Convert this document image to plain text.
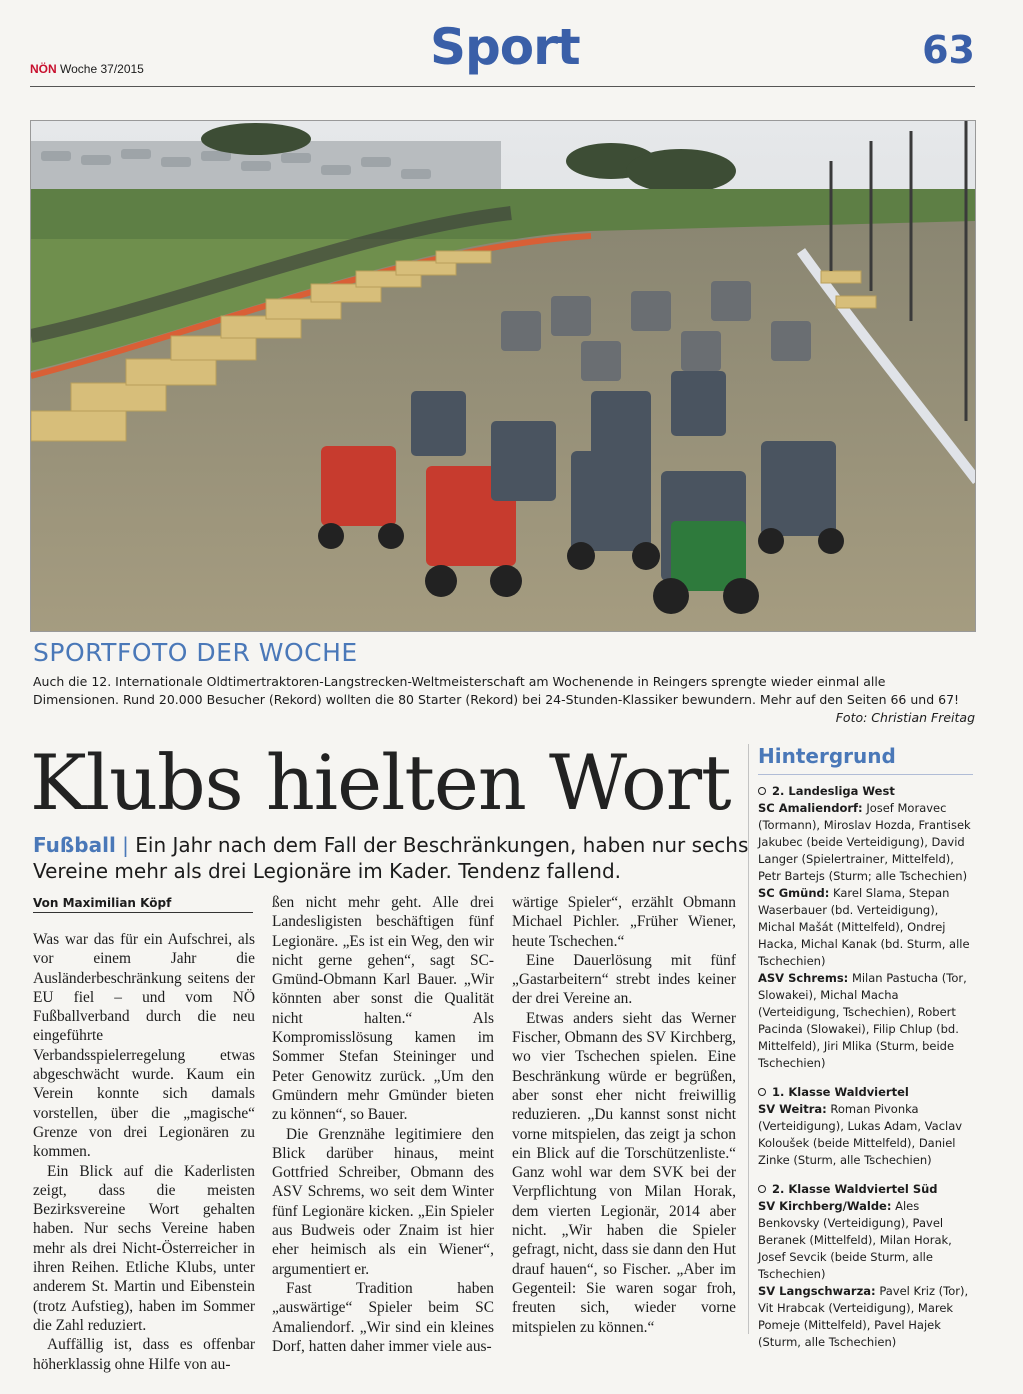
NÖN Woche 37/2015	Sport	63
SPORTFOTO DER WOCHE
Auch die 12. Internationale Oldtimertraktoren-Langstrecken-Weltmeisterschaft am Wochenende in Reingers sprengte wieder einmal alle Dimensionen. Rund 20.000 Besucher (Rekord) wollten die 80 Starter (Rekord) bei 24-Stunden-Klassiker bewundern. Mehr auf den Seiten 66 und 67!
Foto: Christian Freitag
Klubs hielten Wort
Fußball | Ein Jahr nach dem Fall der Beschränkungen, haben nur sechs Vereine mehr als drei Legionäre im Kader. Tendenz fallend.
Von Maximilian Köpf

Was war das für ein Aufschrei, als vor einem Jahr die Ausländerbeschränkung seitens der EU fiel – und vom NÖ Fußballverband durch die neu eingeführte Verbandsspielerregelung etwas abgeschwächt wurde. Kaum ein Verein konnte sich damals vorstellen, über die „magische“ Grenze von drei Legionären zu kommen.

Ein Blick auf die Kaderlisten zeigt, dass die meisten Bezirksvereine Wort gehalten haben. Nur sechs Vereine haben mehr als drei Nicht-Österreicher in ihren Reihen. Etliche Klubs, unter anderem St. Martin und Eibenstein (trotz Aufstieg), haben im Sommer die Zahl reduziert.

Auffällig ist, dass es offenbar höherklassig ohne Hilfe von au-

ßen nicht mehr geht. Alle drei Landesligisten beschäftigen fünf Legionäre. „Es ist ein Weg, den wir nicht gerne gehen“, sagt SC-Gmünd-Obmann Karl Bauer. „Wir könnten aber sonst die Qualität nicht halten.“ Als Kompromisslösung kamen im Sommer Stefan Steininger und Peter Genowitz zurück. „Um den Gmündern mehr Gmünder bieten zu können“, so Bauer.

Die Grenznähe legitimiere den Blick darüber hinaus, meint Gottfried Schreiber, Obmann des ASV Schrems, wo seit dem Winter fünf Legionäre kicken. „Ein Spieler aus Budweis oder Znaim ist hier eher heimisch als ein Wiener“, argumentiert er.

Fast Tradition haben „auswärtige“ Spieler beim SC Amaliendorf. „Wir sind ein kleines Dorf, hatten daher immer viele aus-

wärtige Spieler“, erzählt Obmann Michael Pichler. „Früher Wiener, heute Tschechen.“

Eine Dauerlösung mit fünf „Gastarbeitern“ strebt indes keiner der drei Vereine an.

Etwas anders sieht das Werner Fischer, Obmann des SV Kirchberg, wo vier Tschechen spielen. Eine Beschränkung würde er begrüßen, aber sonst eher nicht freiwillig reduzieren. „Du kannst sonst nicht vorne mitspielen, das zeigt ja schon ein Blick auf die Torschützenliste.“ Ganz wohl war dem SVK bei der Verpflichtung von Milan Horak, dem vierten Legionär, 2014 aber nicht. „Wir haben die Spieler gefragt, nicht, dass sie dann den Hut drauf hauen“, so Fischer. „Aber im Gegenteil: Sie waren sogar froh, freuten sich, wieder vorne mitspielen zu können.“

Hintergrund
2. Landesliga West
SC Amaliendorf: Josef Moravec (Tormann), Miroslav Hozda, Frantisek Jakubec (beide Verteidigung), David Langer (Spielertrainer, Mittelfeld), Petr Bartejs (Sturm; alle Tschechien)
SC Gmünd: Karel Slama, Stepan Waserbauer (bd. Verteidigung), Michal Mašát (Mittelfeld), Ondrej Hacka, Michal Kanak (bd. Sturm, alle Tschechien)
ASV Schrems: Milan Pastucha (Tor, Slowakei), Michal Macha (Verteidigung, Tschechien), Robert Pacinda (Slowakei), Filip Chlup (bd. Mittelfeld), Jiri Mlika (Sturm, beide Tschechien)
1. Klasse Waldviertel
SV Weitra: Roman Pivonka (Verteidigung), Lukas Adam, Vaclav Koloušek (beide Mittelfeld), Daniel Zinke (Sturm, alle Tschechien)
2. Klasse Waldviertel Süd
SV Kirchberg/Walde: Ales Benkovsky (Verteidigung), Pavel Beranek (Mittelfeld), Milan Horak, Josef Sevcik (beide Sturm, alle Tschechien)
SV Langschwarza: Pavel Kriz (Tor), Vit Hrabcak (Verteidigung), Marek Pomeje (Mittelfeld), Pavel Hajek (Sturm, alle Tschechien)
